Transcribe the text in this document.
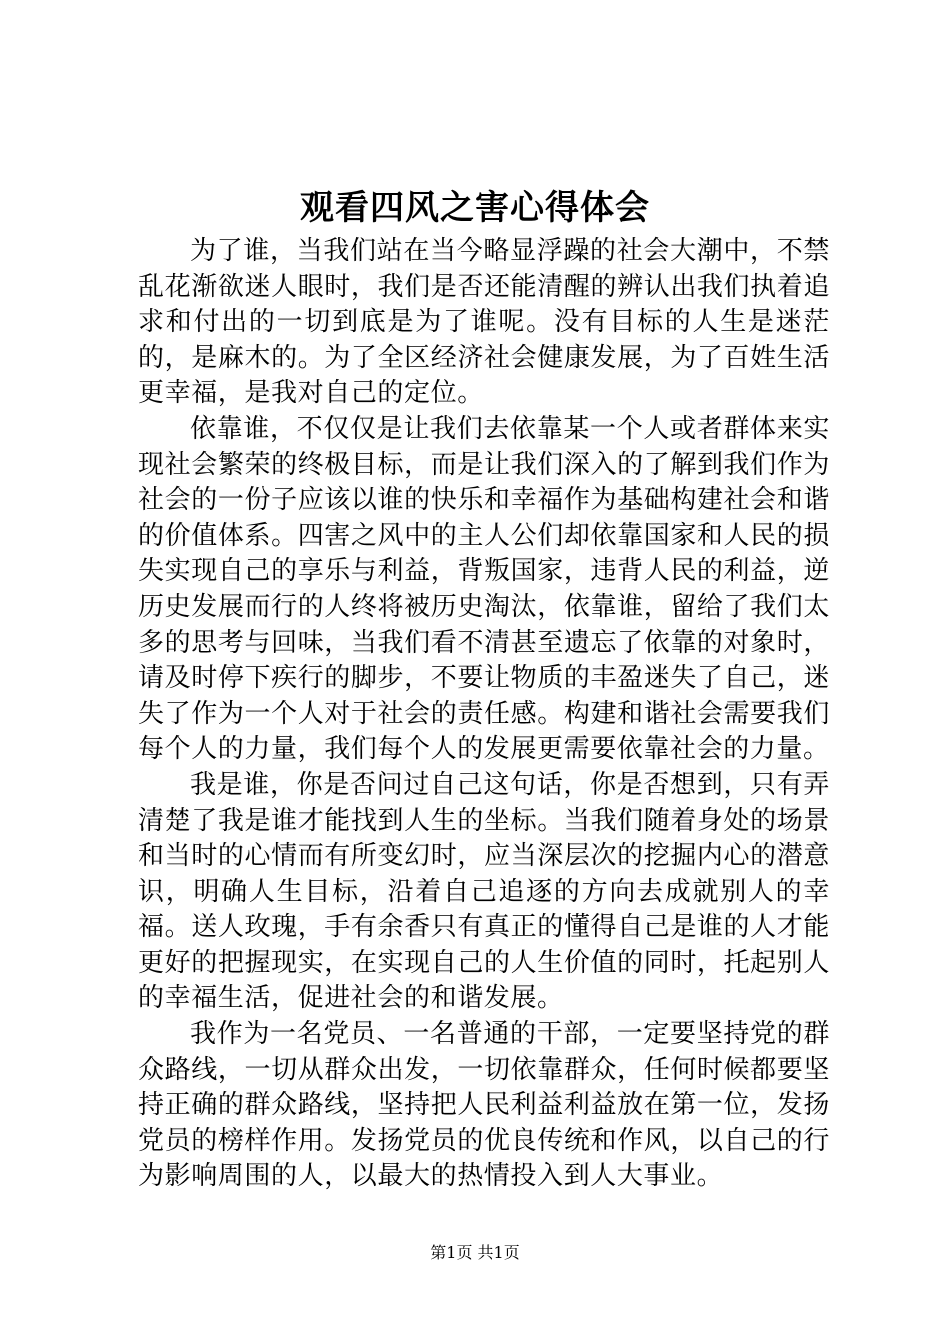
观看四风之害心得体会

为了谁，当我们站在当今略显浮躁的社会大潮中，不禁乱花渐欲迷人眼时，我们是否还能清醒的辨认出我们执着追求和付出的一切到底是为了谁呢。没有目标的人生是迷茫的，是麻木的。为了全区经济社会健康发展，为了百姓生活更幸福，是我对自己的定位。

依靠谁，不仅仅是让我们去依靠某一个人或者群体来实现社会繁荣的终极目标，而是让我们深入的了解到我们作为社会的一份子应该以谁的快乐和幸福作为基础构建社会和谐的价值体系。四害之风中的主人公们却依靠国家和人民的损失实现自己的享乐与利益，背叛国家，违背人民的利益，逆历史发展而行的人终将被历史淘汰，依靠谁，留给了我们太多的思考与回味，当我们看不清甚至遗忘了依靠的对象时，请及时停下疾行的脚步，不要让物质的丰盈迷失了自己，迷失了作为一个人对于社会的责任感。构建和谐社会需要我们每个人的力量，我们每个人的发展更需要依靠社会的力量。

我是谁，你是否问过自己这句话，你是否想到，只有弄清楚了我是谁才能找到人生的坐标。当我们随着身处的场景和当时的心情而有所变幻时，应当深层次的挖掘内心的潜意识，明确人生目标，沿着自己追逐的方向去成就别人的幸福。送人玫瑰，手有余香只有真正的懂得自己是谁的人才能更好的把握现实，在实现自己的人生价值的同时，托起别人的幸福生活，促进社会的和谐发展。

我作为一名党员、一名普通的干部，一定要坚持党的群众路线，一切从群众出发，一切依靠群众，任何时候都要坚持正确的群众路线，坚持把人民利益利益放在第一位，发扬党员的榜样作用。发扬党员的优良传统和作风，以自己的行为影响周围的人，以最大的热情投入到人大事业。

第1页 共1页
